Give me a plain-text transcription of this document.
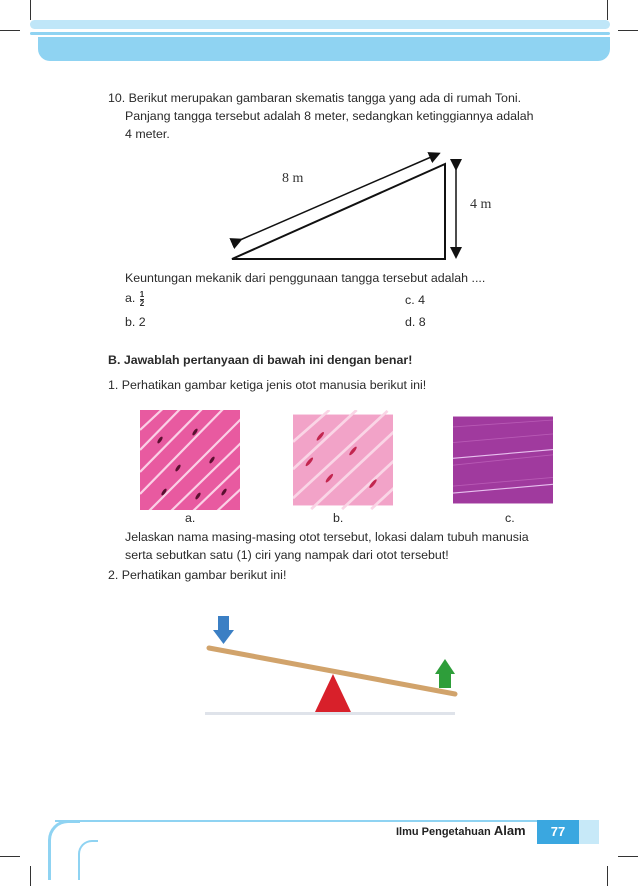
10. Berikut merupakan gambaran skematis tangga yang ada di rumah Toni.
Panjang tangga tersebut adalah 8 meter, sedangkan ketinggiannya adalah
4 meter.
8 m
4 m
Keuntungan mekanik dari penggunaan tangga tersebut adalah ....
a. $\frac{1}{2}$	c. 4
b. 2	d. 8
B. Jawablah pertanyaan di bawah ini dengan benar!
1. Perhatikan gambar ketiga jenis otot manusia berikut ini!
a.	b.	c.
Jelaskan nama masing-masing otot tersebut, lokasi dalam tubuh manusia
serta sebutkan satu (1) ciri yang nampak dari otot tersebut!
2. Perhatikan gambar berikut ini!
Ilmu Pengetahuan Alam	77
